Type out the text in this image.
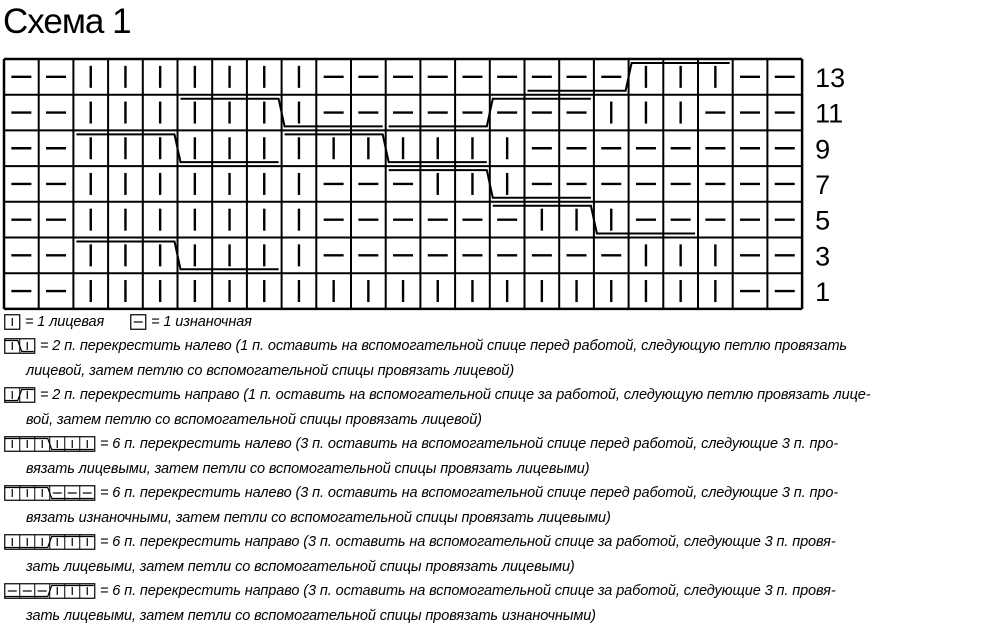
Схема 1
13
11
9
7
5
3
1
= 1 лицевая	= 1 изнаночная
= 2 п. перекрестить налево (1 п. оставить на вспомогательной спице перед работой, следующую петлю провязать
лицевой, затем петлю со вспомогательной спицы провязать лицевой)
= 2 п. перекрестить направо (1 п. оставить на вспомогательной спице за работой, следующую петлю провязать лице-
вой, затем петлю со вспомогательной спицы провязать лицевой)
= 6 п. перекрестить налево (3 п. оставить на вспомогательной спице перед работой, следующие 3 п. про-
вязать лицевыми, затем петли со вспомогательной спицы провязать лицевыми)
= 6 п. перекрестить налево (3 п. оставить на вспомогательной спице перед работой, следующие 3 п. про-
вязать изнаночными, затем петли со вспомогательной спицы провязать лицевыми)
= 6 п. перекрестить направо (3 п. оставить на вспомогательной спице за работой, следующие 3 п. провя-
зать лицевыми, затем петли со вспомогательной спицы провязать лицевыми)
= 6 п. перекрестить направо (3 п. оставить на вспомогательной спице за работой, следующие 3 п. провя-
зать лицевыми, затем петли со вспомогательной спицы провязать изнаночными)
